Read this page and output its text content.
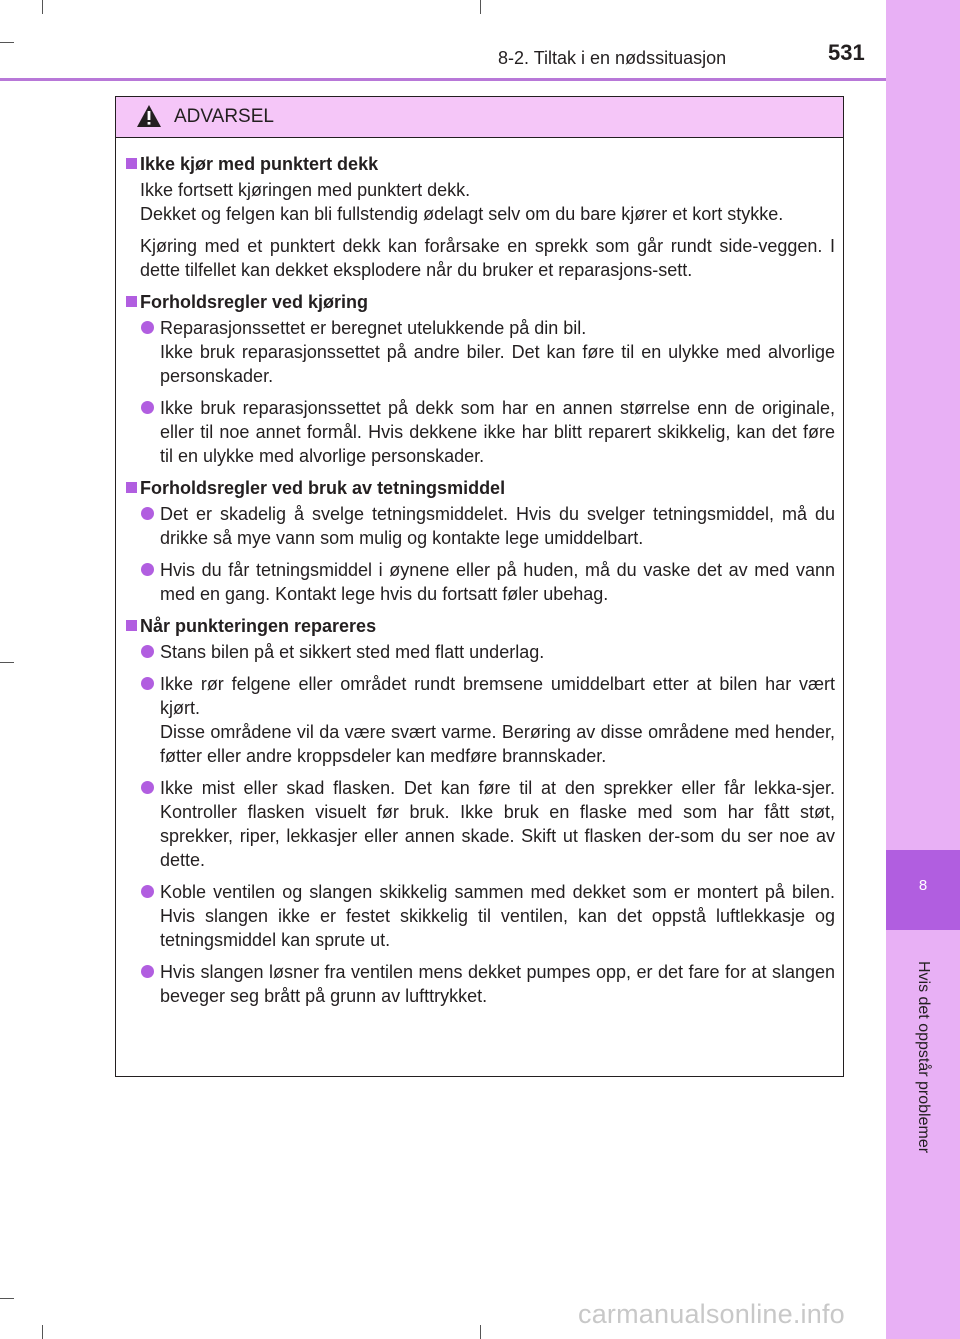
8-2. Tiltak i en nødssituasjon	531
8
Hvis det oppstår problemer
ADVARSEL
Ikke kjør med punktert dekk
Ikke fortsett kjøringen med punktert dekk.
Dekket og felgen kan bli fullstendig ødelagt selv om du bare kjører et kort stykke.
Kjøring med et punktert dekk kan forårsake en sprekk som går rundt side-veggen. I dette tilfellet kan dekket eksplodere når du bruker et reparasjons-sett.
Forholdsregler ved kjøring
Reparasjonssettet er beregnet utelukkende på din bil.
Ikke bruk reparasjonssettet på andre biler. Det kan føre til en ulykke med alvorlige personskader.
Ikke bruk reparasjonssettet på dekk som har en annen størrelse enn de originale, eller til noe annet formål. Hvis dekkene ikke har blitt reparert skikkelig, kan det føre til en ulykke med alvorlige personskader.
Forholdsregler ved bruk av tetningsmiddel
Det er skadelig å svelge tetningsmiddelet. Hvis du svelger tetningsmiddel, må du drikke så mye vann som mulig og kontakte lege umiddelbart.
Hvis du får tetningsmiddel i øynene eller på huden, må du vaske det av med vann med en gang. Kontakt lege hvis du fortsatt føler ubehag.
Når punkteringen repareres
Stans bilen på et sikkert sted med flatt underlag.
Ikke rør felgene eller området rundt bremsene umiddelbart etter at bilen har vært kjørt.
Disse områdene vil da være svært varme. Berøring av disse områdene med hender, føtter eller andre kroppsdeler kan medføre brannskader.
Ikke mist eller skad flasken. Det kan føre til at den sprekker eller får lekka-sjer. Kontroller flasken visuelt før bruk. Ikke bruk en flaske med som har fått støt, sprekker, riper, lekkasjer eller annen skade. Skift ut flasken der-som du ser noe av dette.
Koble ventilen og slangen skikkelig sammen med dekket som er montert på bilen. Hvis slangen ikke er festet skikkelig til ventilen, kan det oppstå luftlekkasje og tetningsmiddel kan sprute ut.
Hvis slangen løsner fra ventilen mens dekket pumpes opp, er det fare for at slangen beveger seg brått på grunn av lufttrykket.
carmanualsonline.info
